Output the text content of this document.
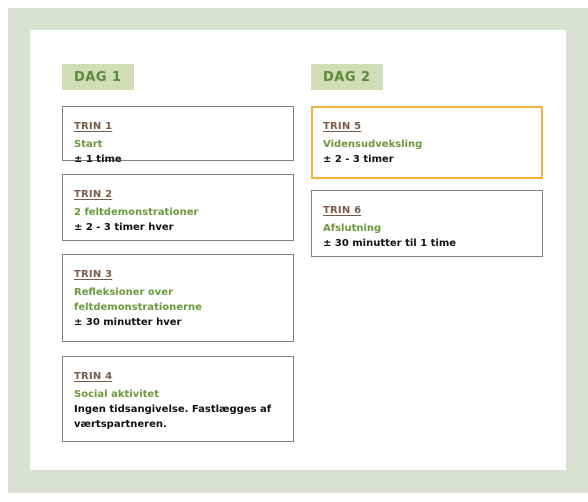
DAG 1
TRIN 1
Start
± 1 time
TRIN 2
2 feltdemonstrationer
± 2 - 3 timer hver
TRIN 3
Refleksioner over feltdemonstrationerne
± 30 minutter hver
TRIN 4
Social aktivitet
Ingen tidsangivelse. Fastlægges af værtspartneren.
DAG 2
TRIN 5
Vidensudveksling
± 2 - 3 timer
TRIN 6
Afslutning
± 30 minutter til 1 time
